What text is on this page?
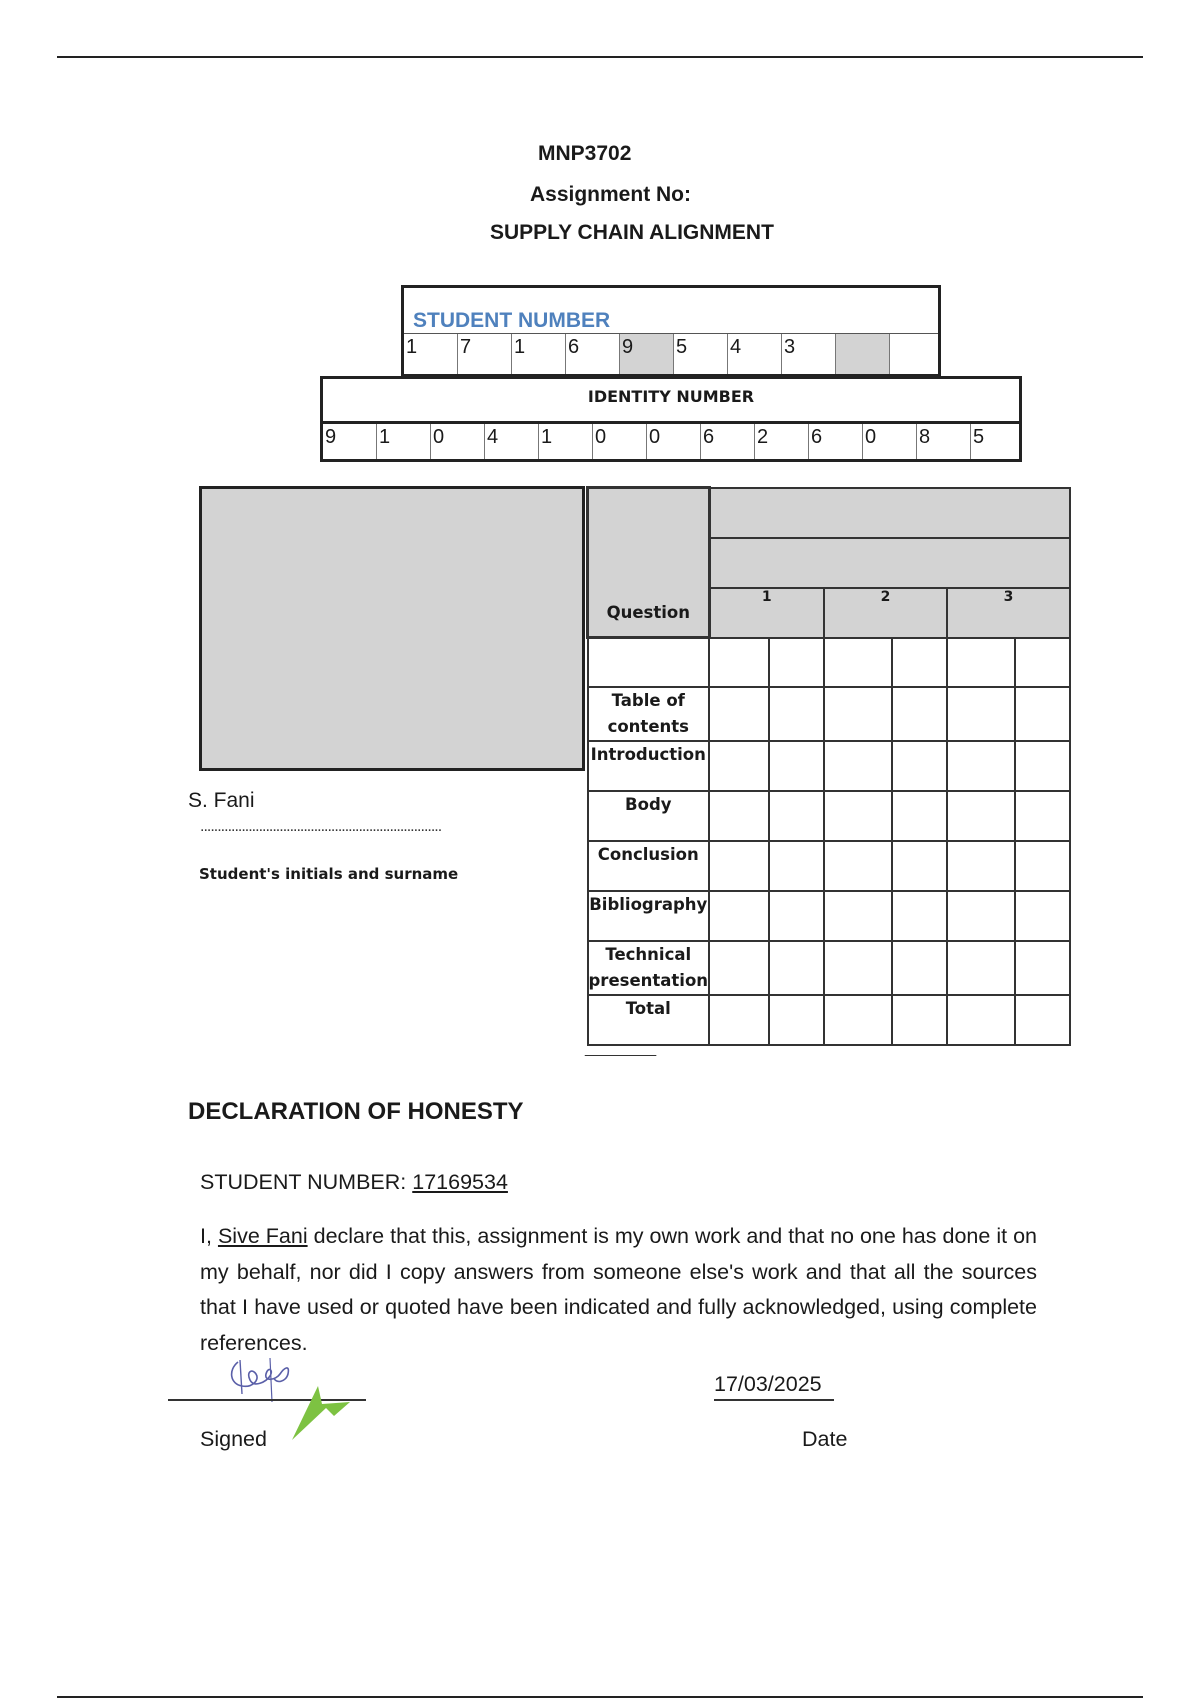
MNP3702
Assignment No:
SUPPLY CHAIN ALIGNMENT
STUDENT NUMBER
1	7	1	6	9	5	4	3
IDENTITY NUMBER
9	1	0	4	1	0	0	6	2	6	0	8	5
Question						

	1		2		3	

Table of contents						
Introduction						
Body						
Conclusion						
Bibliography						
Technical presentation						
Total						
________
S. Fani
......................................................................
Student's initials and surname
DECLARATION OF HONESTY
STUDENT NUMBER: 17169534
I, Sive Fani declare that this, assignment is my own work and that no one has done it on my behalf, nor did I copy answers from someone else's work and that all the sources that I have used or quoted have been indicated and fully acknowledged, using complete references.
Signed
17/03/2025
Date
